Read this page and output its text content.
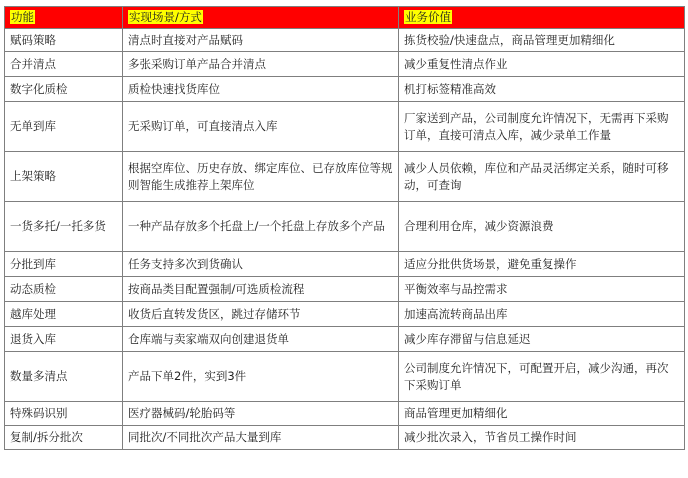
功能	实现场景/方式	业务价值
赋码策略	清点时直接对产品赋码	拣货校验/快速盘点，商品管理更加精细化
合并清点	多张采购订单产品合并清点	减少重复性清点作业
数字化质检	质检快速找货库位	机打标签精准高效
无单到库	无采购订单，可直接清点入库	厂家送到产品，公司制度允许情况下，无需再下采购订单，直接可清点入库，减少录单工作量
上架策略	根据空库位、历史存放、绑定库位、已存放库位等规则智能生成推荐上架库位	减少人员依赖，库位和产品灵活绑定关系，随时可移动，可查询
一货多托/一托多货	一种产品存放多个托盘上/一个托盘上存放多个产品	合理利用仓库，减少资源浪费
分批到库	任务支持多次到货确认	适应分批供货场景，避免重复操作
动态质检	按商品类目配置强制/可选质检流程	平衡效率与品控需求
越库处理	收货后直转发货区，跳过存储环节	加速高流转商品出库
退货入库	仓库端与卖家端双向创建退货单	减少库存滞留与信息延迟
数量多清点	产品下单2件，实到3件	公司制度允许情况下，可配置开启，减少沟通，再次下采购订单
特殊码识别	医疗器械码/轮胎码等	商品管理更加精细化
复制/拆分批次	同批次/不同批次产品大量到库	减少批次录入，节省员工操作时间
